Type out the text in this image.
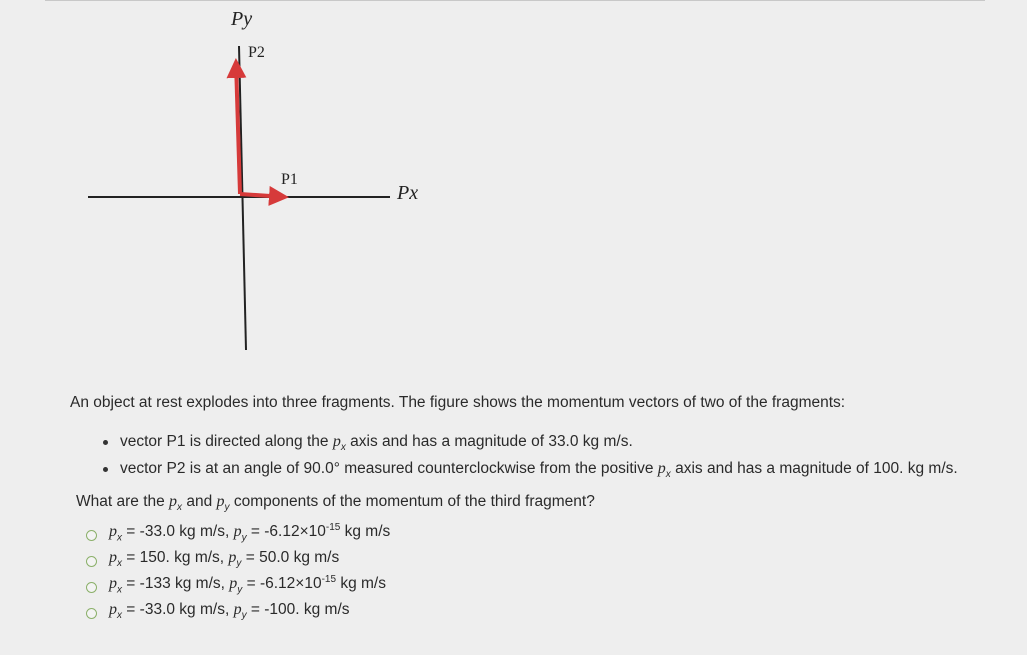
Py
P2
P1
Px
An object at rest explodes into three fragments. The figure shows the momentum vectors of two of the fragments:
vector P1 is directed along the $p_x$ axis and has a magnitude of 33.0 kg m/s.
vector P2 is at an angle of 90.0° measured counterclockwise from the positive $p_x$ axis and has a magnitude of 100. kg m/s.
What are the $p_x$ and $p_y$ components of the momentum of the third fragment?
$p_x = -33.0$ kg m/s, $p_y = -6.12\times 10^{-15}$ kg m/s
$p_x = 150$. kg m/s, $p_y = 50.0$ kg m/s
$p_x = -133$ kg m/s, $p_y = -6.12\times 10^{-15}$ kg m/s
$p_x = -33.0$ kg m/s, $p_y = -100$. kg m/s
